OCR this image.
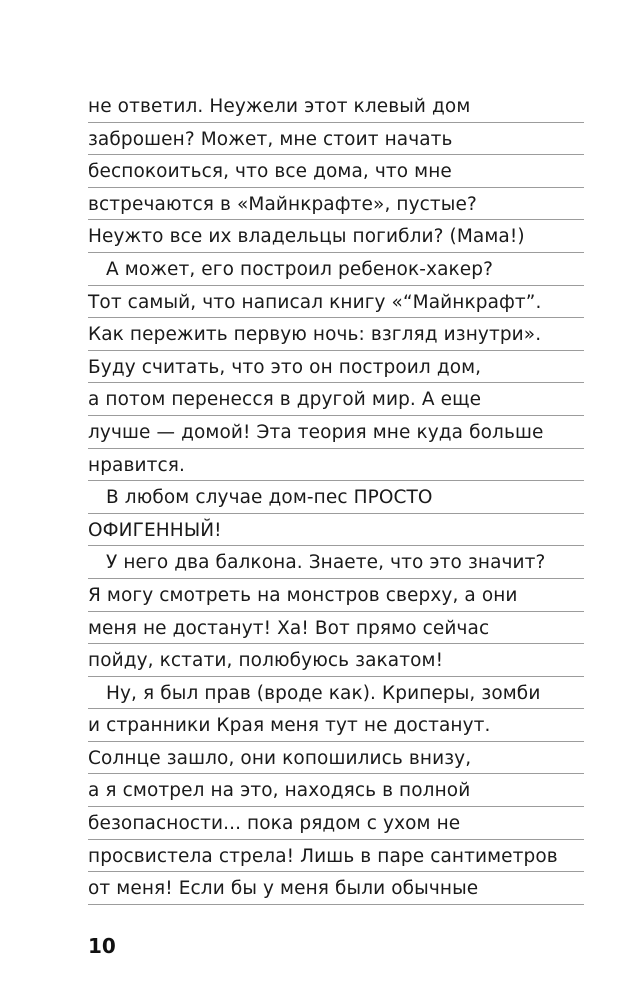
не ответил. Неужели этот клевый дом
заброшен? Может, мне стоит начать
беспокоиться, что все дома, что мне
встречаются в «Майнкрафте», пустые?
Неужто все их владельцы погибли? (Мама!)
А может, его построил ребенок-хакер?
Тот самый, что написал книгу «“Майнкрафт”.
Как пережить первую ночь: взгляд изнутри».
Буду считать, что это он построил дом,
а потом перенесся в другой мир. А еще
лучше — домой! Эта теория мне куда больше
нравится.
В любом случае дом-пес ПРОСТО
ОФИГЕННЫЙ!
У него два балкона. Знаете, что это значит?
Я могу смотреть на монстров сверху, а они
меня не достанут! Ха! Вот прямо сейчас
пойду, кстати, полюбуюсь закатом!
Ну, я был прав (вроде как). Криперы, зомби
и странники Края меня тут не достанут.
Солнце зашло, они копошились внизу,
а я смотрел на это, находясь в полной
безопасности... пока рядом с ухом не
просвистела стрела! Лишь в паре сантиметров
от меня! Если бы у меня были обычные
10
